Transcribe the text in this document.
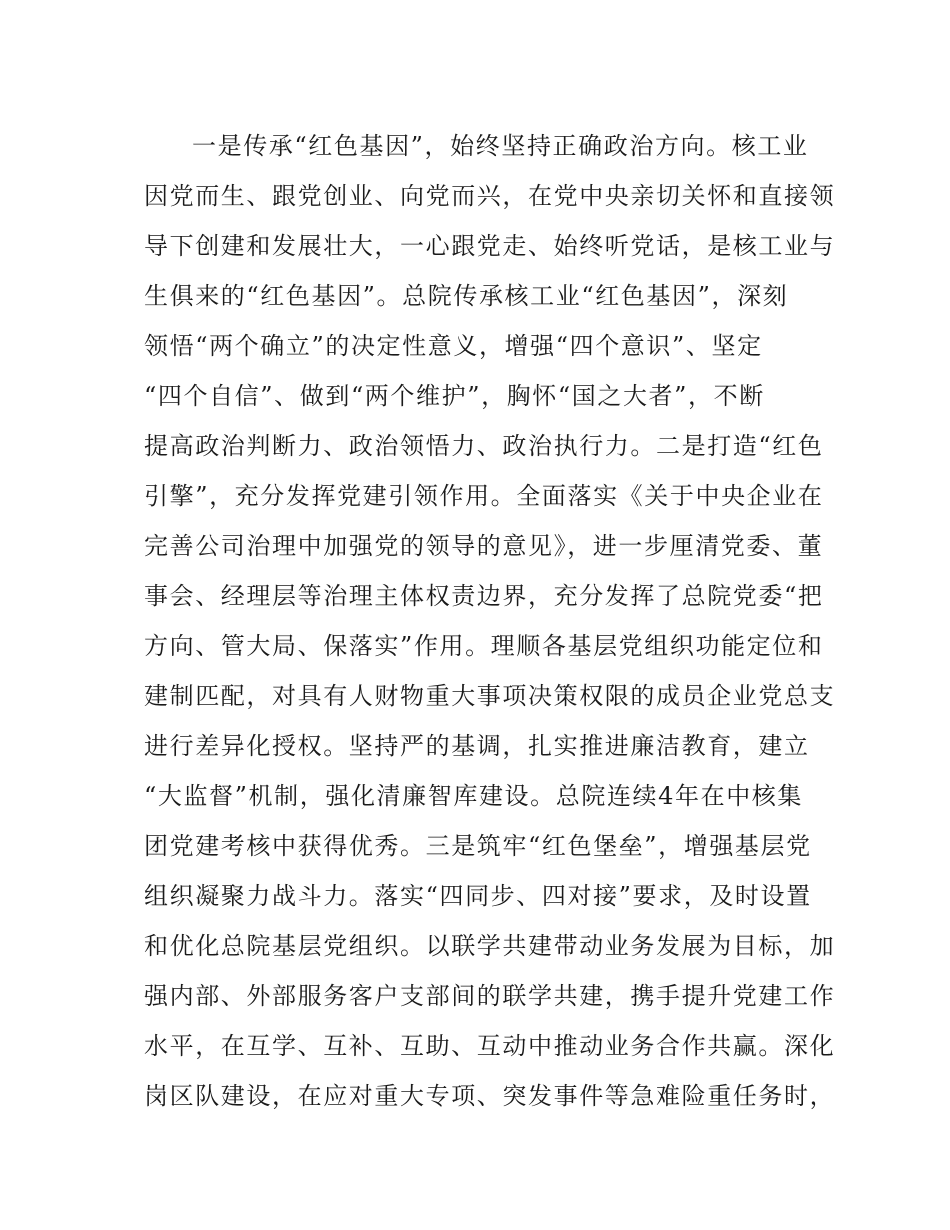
一是传承“红色基因”，始终坚持正确政治方向。核工业
因党而生、跟党创业、向党而兴，在党中央亲切关怀和直接领
导下创建和发展壮大，一心跟党走、始终听党话，是核工业与
生俱来的“红色基因”。总院传承核工业“红色基因”，深刻
领悟“两个确立”的决定性意义，增强“四个意识”、坚定
“四个自信”、做到“两个维护”，胸怀“国之大者”，不断
提高政治判断力、政治领悟力、政治执行力。二是打造“红色
引擎”，充分发挥党建引领作用。全面落实《关于中央企业在
完善公司治理中加强党的领导的意见》，进一步厘清党委、董
事会、经理层等治理主体权责边界，充分发挥了总院党委“把
方向、管大局、保落实”作用。理顺各基层党组织功能定位和
建制匹配，对具有人财物重大事项决策权限的成员企业党总支
进行差异化授权。坚持严的基调，扎实推进廉洁教育，建立
“大监督”机制，强化清廉智库建设。总院连续4年在中核集
团党建考核中获得优秀。三是筑牢“红色堡垒”，增强基层党
组织凝聚力战斗力。落实“四同步、四对接”要求，及时设置
和优化总院基层党组织。以联学共建带动业务发展为目标，加
强内部、外部服务客户支部间的联学共建，携手提升党建工作
水平，在互学、互补、互助、互动中推动业务合作共赢。深化
岗区队建设，在应对重大专项、突发事件等急难险重任务时，
